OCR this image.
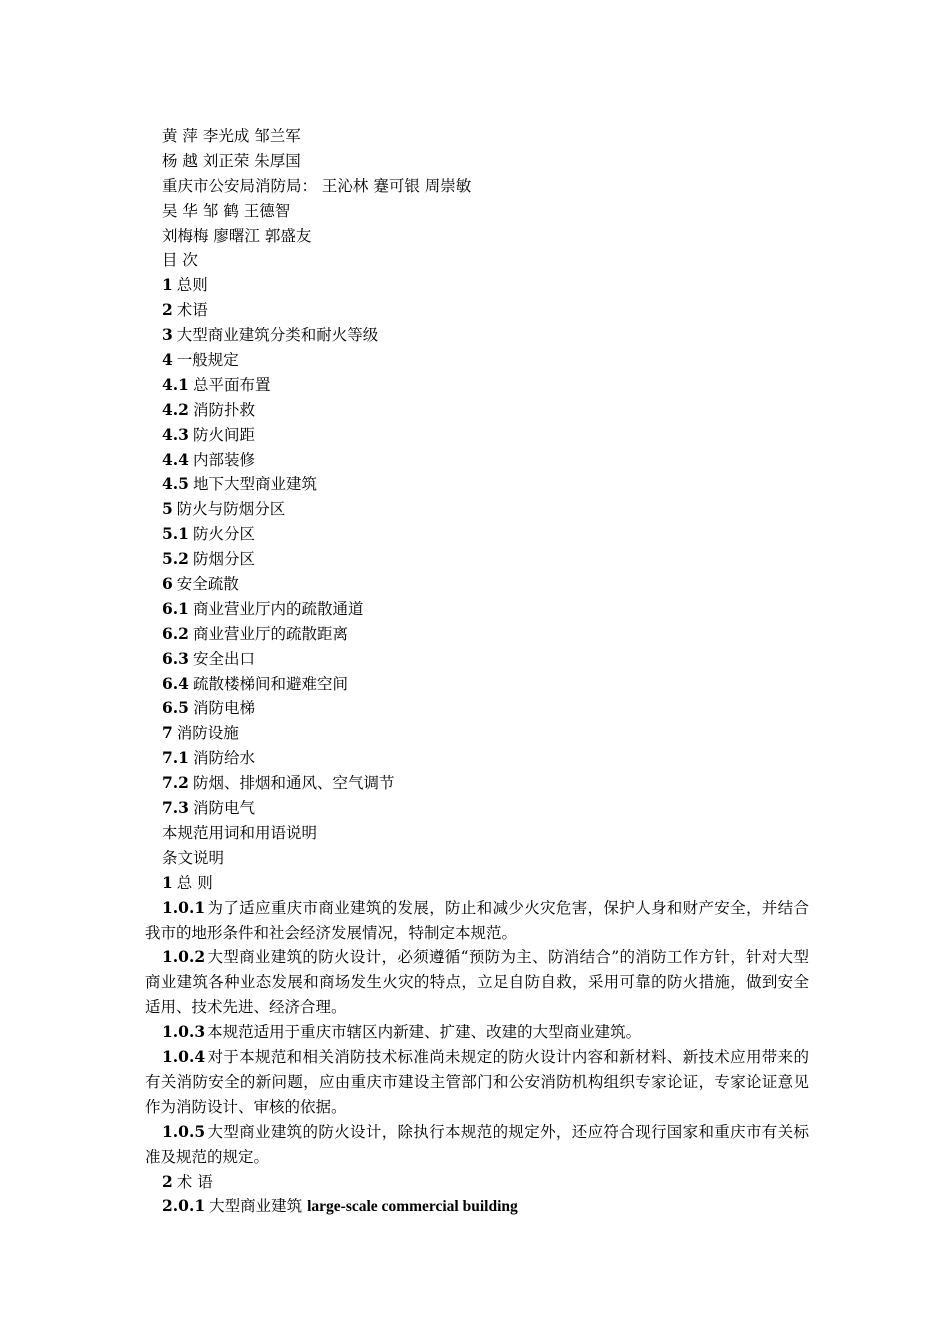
黄 萍 李光成 邹兰军
杨 越 刘正荣 朱厚国
重庆市公安局消防局： 王沁林 蹇可银 周崇敏
吴 华 邹 鹤 王德智
刘梅梅 廖曙江 郭盛友
目 次
1 总则
2 术语
3 大型商业建筑分类和耐火等级
4 一般规定
4.1 总平面布置
4.2 消防扑救
4.3 防火间距
4.4 内部装修
4.5 地下大型商业建筑
5 防火与防烟分区
5.1 防火分区
5.2 防烟分区
6 安全疏散
6.1 商业营业厅内的疏散通道
6.2 商业营业厅的疏散距离
6.3 安全出口
6.4 疏散楼梯间和避难空间
6.5 消防电梯
7 消防设施
7.1 消防给水
7.2 防烟、排烟和通风、空气调节
7.3 消防电气
本规范用词和用语说明
条文说明
1 总 则
1.0.1 为了适应重庆市商业建筑的发展，防止和减少火灾危害，保护人身和财产安全，并结合我市的地形条件和社会经济发展情况，特制定本规范。
1.0.2 大型商业建筑的防火设计，必须遵循“预防为主、防消结合”的消防工作方针，针对大型商业建筑各种业态发展和商场发生火灾的特点，立足自防自救，采用可靠的防火措施，做到安全适用、技术先进、经济合理。
1.0.3 本规范适用于重庆市辖区内新建、扩建、改建的大型商业建筑。
1.0.4 对于本规范和相关消防技术标准尚未规定的防火设计内容和新材料、新技术应用带来的有关消防安全的新问题，应由重庆市建设主管部门和公安消防机构组织专家论证，专家论证意见作为消防设计、审核的依据。
1.0.5 大型商业建筑的防火设计，除执行本规范的规定外，还应符合现行国家和重庆市有关标准及规范的规定。
2 术 语
2.0.1 大型商业建筑 large-scale commercial building
